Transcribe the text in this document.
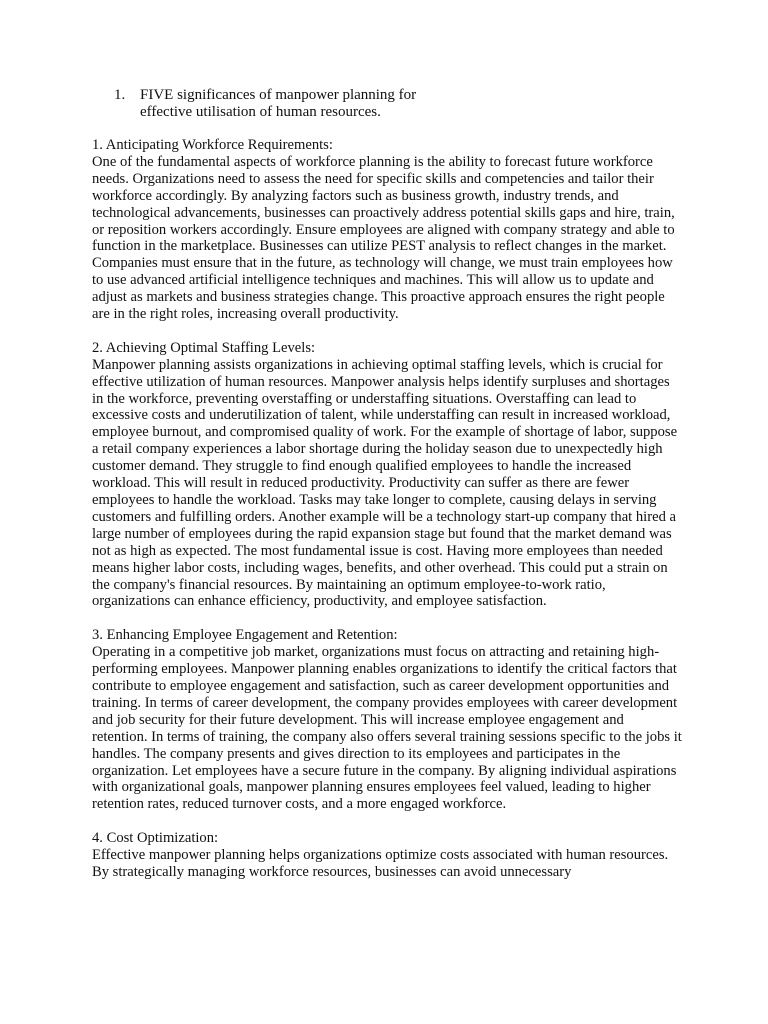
1. FIVE significances of manpower planning for
effective utilisation of human resources.
1. Anticipating Workforce Requirements:
One of the fundamental aspects of workforce planning is the ability to forecast future workforce needs. Organizations need to assess the need for specific skills and competencies and tailor their workforce accordingly. By analyzing factors such as business growth, industry trends, and technological advancements, businesses can proactively address potential skills gaps and hire, train, or reposition workers accordingly. Ensure employees are aligned with company strategy and able to function in the marketplace. Businesses can utilize PEST analysis to reflect changes in the market. Companies must ensure that in the future, as technology will change, we must train employees how to use advanced artificial intelligence techniques and machines. This will allow us to update and adjust as markets and business strategies change. This proactive approach ensures the right people are in the right roles, increasing overall productivity.
2. Achieving Optimal Staffing Levels:
Manpower planning assists organizations in achieving optimal staffing levels, which is crucial for effective utilization of human resources. Manpower analysis helps identify surpluses and shortages in the workforce, preventing overstaffing or understaffing situations. Overstaffing can lead to excessive costs and underutilization of talent, while understaffing can result in increased workload, employee burnout, and compromised quality of work. For the example of shortage of labor, suppose a retail company experiences a labor shortage during the holiday season due to unexpectedly high customer demand. They struggle to find enough qualified employees to handle the increased workload. This will result in reduced productivity. Productivity can suffer as there are fewer employees to handle the workload. Tasks may take longer to complete, causing delays in serving customers and fulfilling orders. Another example will be a technology start-up company that hired a large number of employees during the rapid expansion stage but found that the market demand was not as high as expected. The most fundamental issue is cost. Having more employees than needed means higher labor costs, including wages, benefits, and other overhead. This could put a strain on the company's financial resources. By maintaining an optimum employee-to-work ratio, organizations can enhance efficiency, productivity, and employee satisfaction.
3. Enhancing Employee Engagement and Retention:
Operating in a competitive job market, organizations must focus on attracting and retaining high-performing employees. Manpower planning enables organizations to identify the critical factors that contribute to employee engagement and satisfaction, such as career development opportunities and training. In terms of career development, the company provides employees with career development and job security for their future development. This will increase employee engagement and retention. In terms of training, the company also offers several training sessions specific to the jobs it handles. The company presents and gives direction to its employees and participates in the organization. Let employees have a secure future in the company. By aligning individual aspirations with organizational goals, manpower planning ensures employees feel valued, leading to higher retention rates, reduced turnover costs, and a more engaged workforce.
4. Cost Optimization:
Effective manpower planning helps organizations optimize costs associated with human resources. By strategically managing workforce resources, businesses can avoid unnecessary
